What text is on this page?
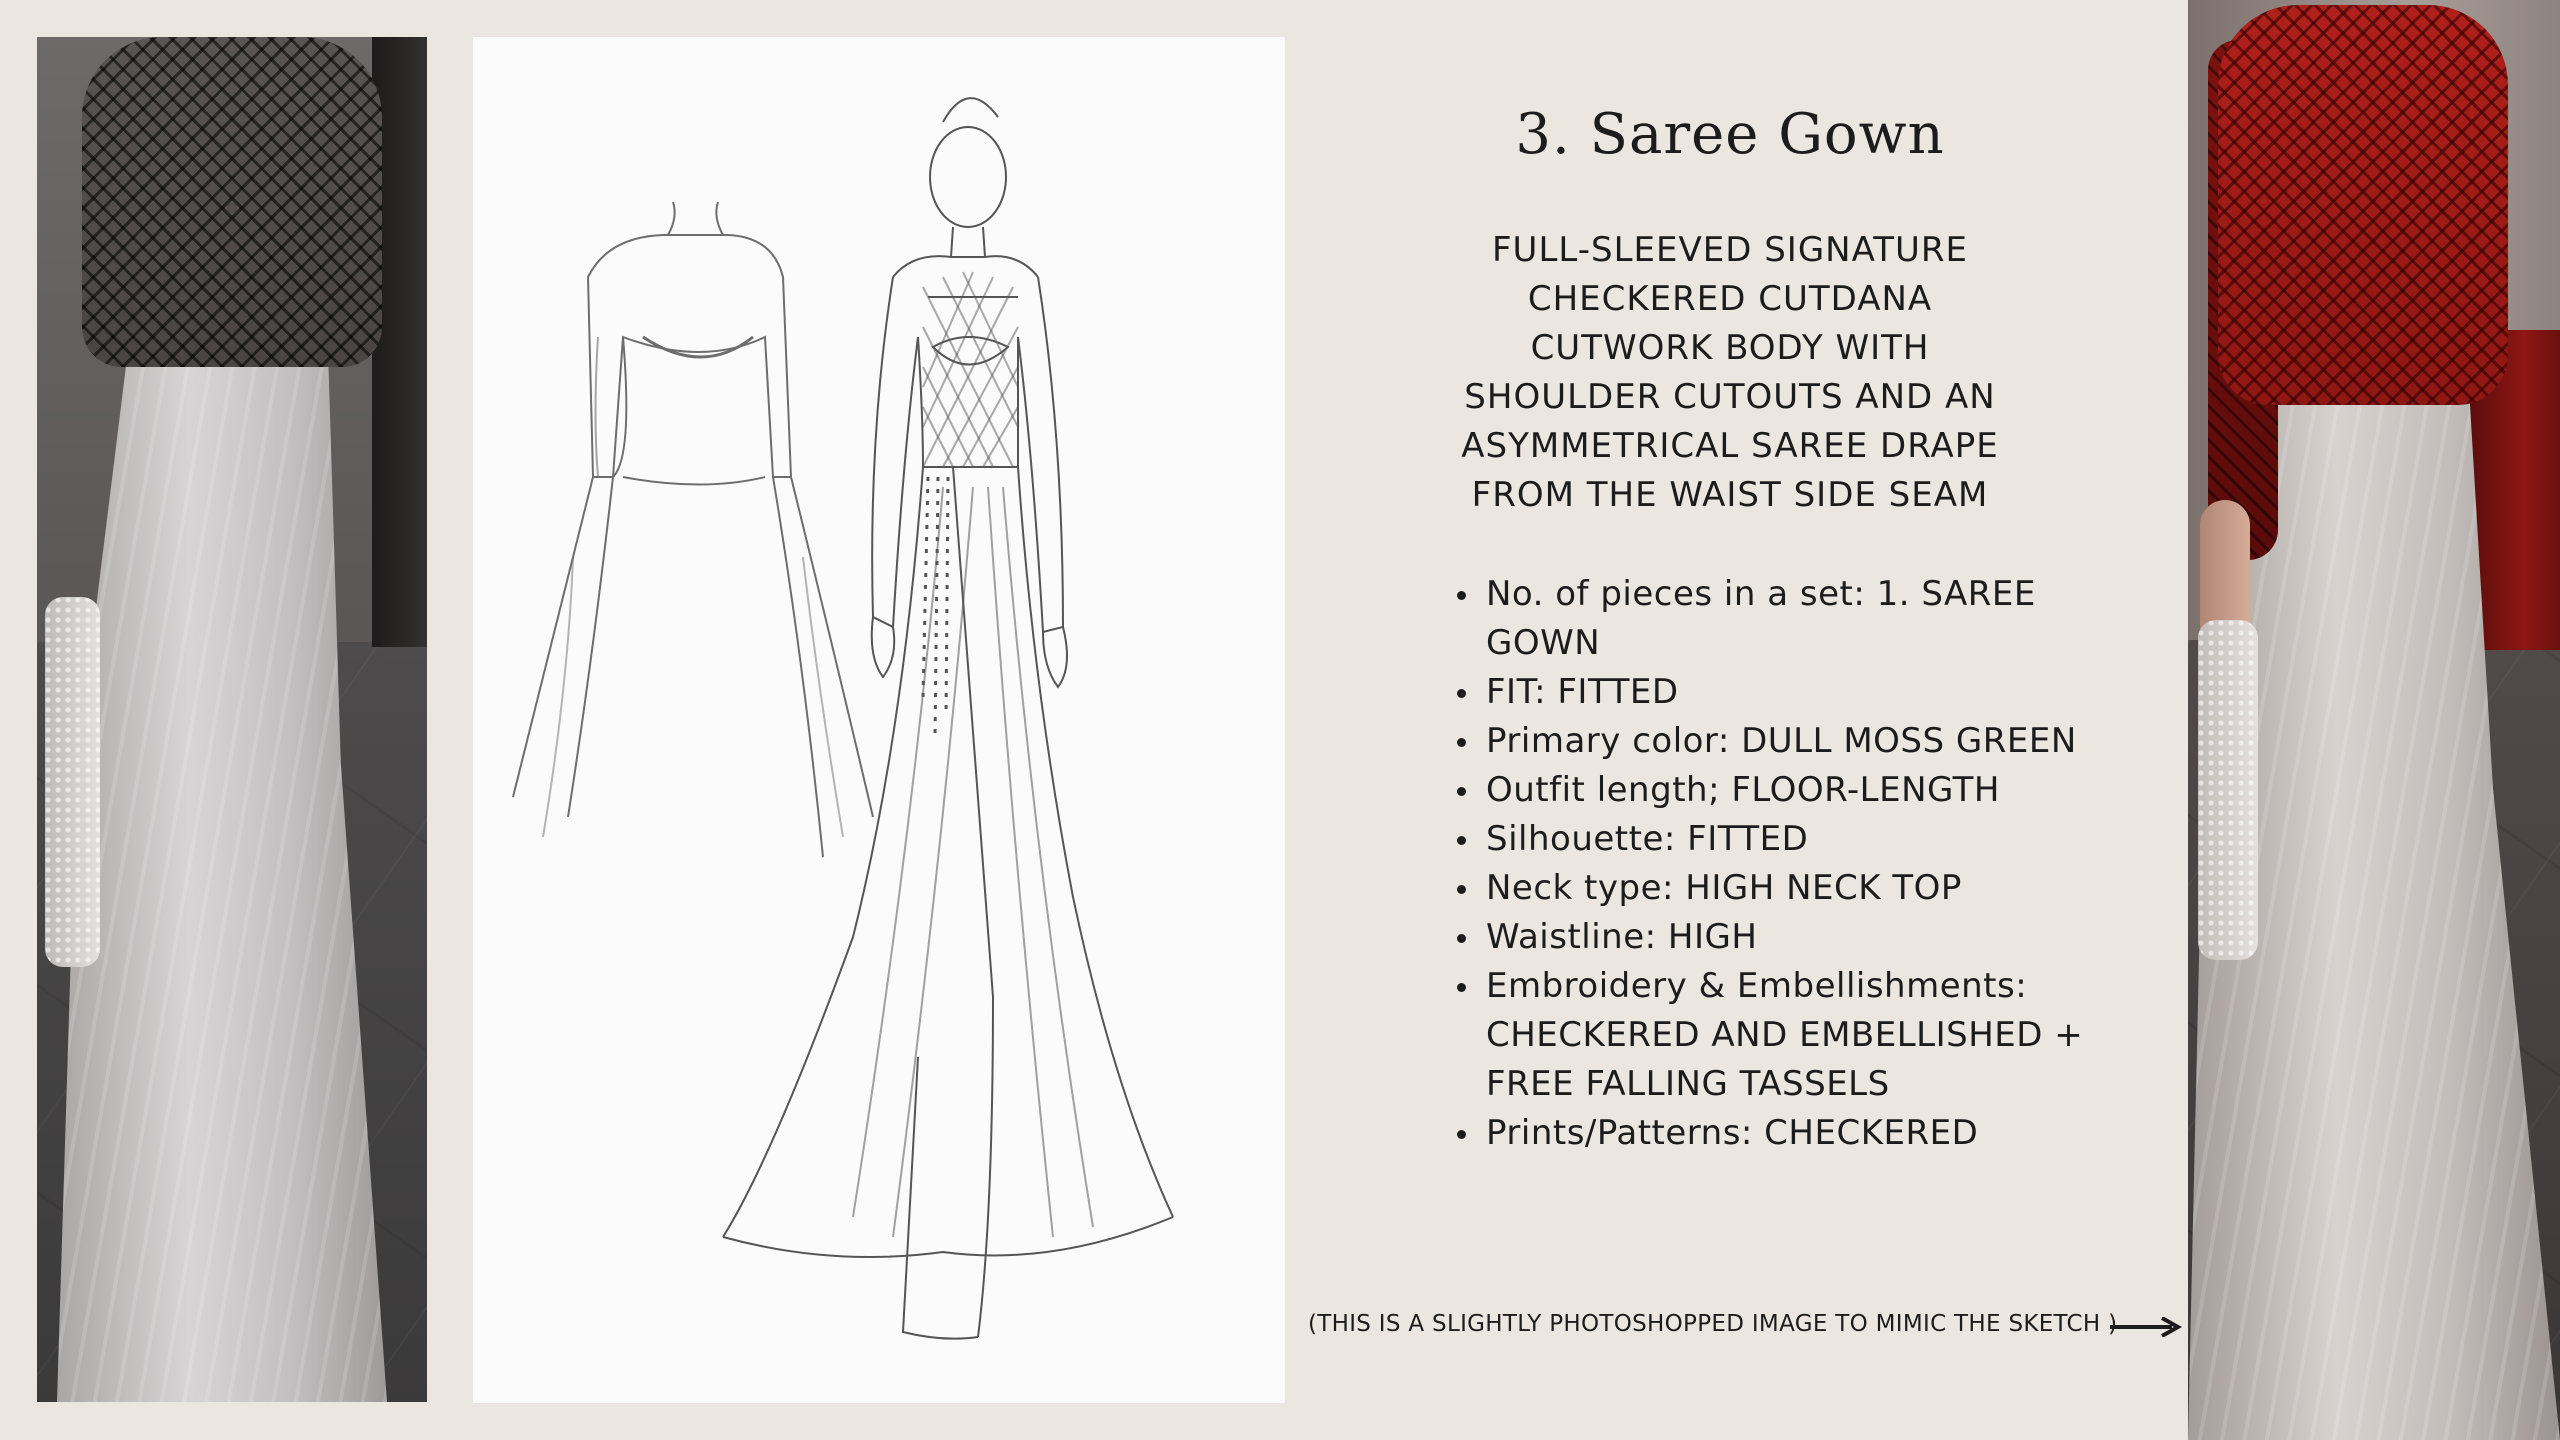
3. Saree Gown

FULL-SLEEVED SIGNATURE
CHECKERED CUTDANA
CUTWORK BODY WITH
SHOULDER CUTOUTS AND AN
ASYMMETRICAL SAREE DRAPE
FROM THE WAIST SIDE SEAM

• No. of pieces in a set: 1. SAREE GOWN
• FIT: FITTED
• Primary color: DULL MOSS GREEN
• Outfit length; FLOOR-LENGTH
• Silhouette: FITTED
• Neck type: HIGH NECK TOP
• Waistline: HIGH
• Embroidery & Embellishments: CHECKERED AND EMBELLISHED + FREE FALLING TASSELS
• Prints/Patterns: CHECKERED
(THIS IS A SLIGHTLY PHOTOSHOPPED IMAGE TO MIMIC THE SKETCH )
